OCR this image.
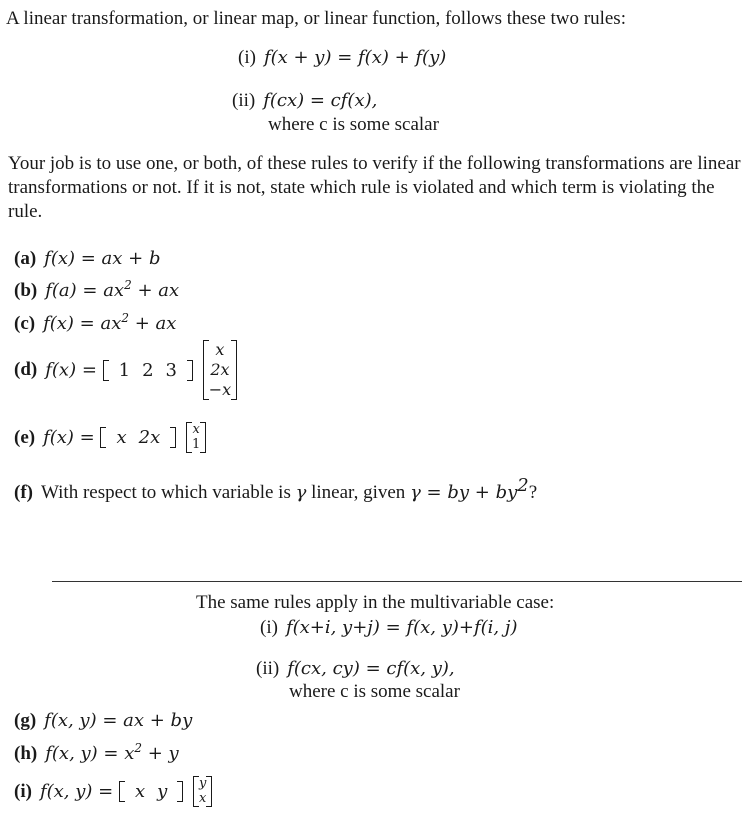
A linear transformation, or linear map, or linear function, follows these two rules:
(i) f(x + y) = f(x) + f(y)
(ii) f(cx) = cf(x),
where c is some scalar
Your job is to use one, or both, of these rules to verify if the following transformations are linear transformations or not. If it is not, state which rule is violated and which term is violating the rule.
(a) f(x) = ax + b
(b) $f(a) = ax^2$ + ax
(c) $f(x) = ax^2$ + ax
(d) f(x) = 1 2 3
x
2x
−x
(e) f(x) = x 2x x
1
(f) With respect to which variable is γ linear, given γ = by + $by^2$?
The same rules apply in the multivariable case:
(i) f(x+i, y+j) = f(x, y)+f(i, j)
(ii) f(cx, cy) = cf(x, y),
where c is some scalar
(g) f(x, y) = ax + by
(h) f(x, $y) = x^2 + y$
(i) f(x, y) = x y y
x
